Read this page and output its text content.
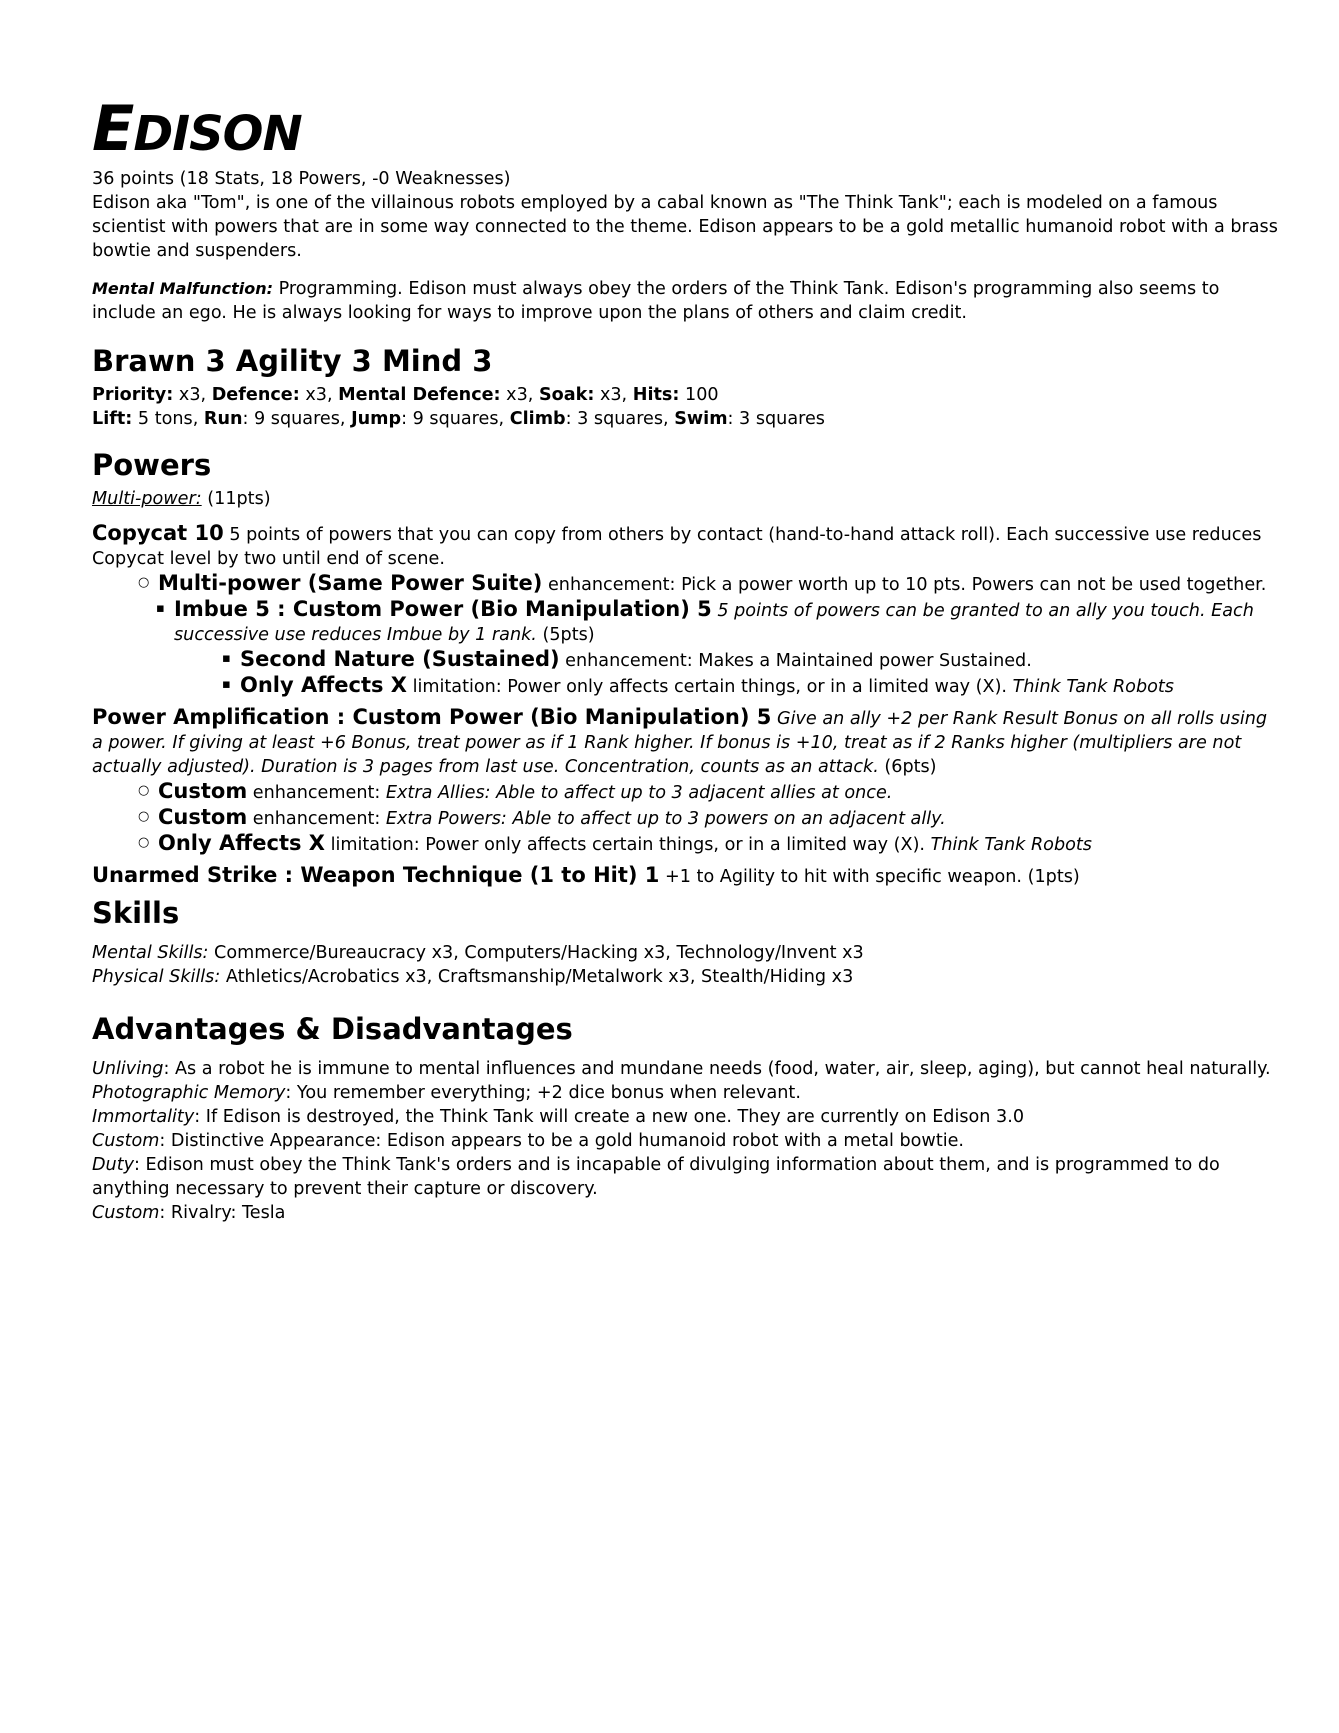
EDISON

36 points (18 Stats, 18 Powers, -0 Weaknesses)

Edison aka "Tom", is one of the villainous robots employed by a cabal known as "The Think Tank"; each is modeled on a famous scientist with powers that are in some way connected to the theme. Edison appears to be a gold metallic humanoid robot with a brass bowtie and suspenders.

Mental Malfunction: Programming. Edison must always obey the orders of the Think Tank. Edison's programming also seems to include an ego. He is always looking for ways to improve upon the plans of others and claim credit.

Brawn 3 Agility 3 Mind 3

Priority: x3, Defence: x3, Mental Defence: x3, Soak: x3, Hits: 100

Lift: 5 tons, Run: 9 squares, Jump: 9 squares, Climb: 3 squares, Swim: 3 squares

Powers

Multi-power: (11pts)

Copycat 10 5 points of powers that you can copy from others by contact (hand-to-hand attack roll). Each successive use reduces Copycat level by two until end of scene.

○ Multi-power (Same Power Suite) enhancement: Pick a power worth up to 10 pts. Powers can not be used together.
▪ Imbue 5 : Custom Power (Bio Manipulation) 5 5 points of powers can be granted to an ally you touch. Each successive use reduces Imbue by 1 rank. (5pts)
▪ Second Nature (Sustained) enhancement: Makes a Maintained power Sustained.
▪ Only Affects X limitation: Power only affects certain things, or in a limited way (X). Think Tank Robots

Power Amplification : Custom Power (Bio Manipulation) 5 Give an ally +2 per Rank Result Bonus on all rolls using a power. If giving at least +6 Bonus, treat power as if 1 Rank higher. If bonus is +10, treat as if 2 Ranks higher (multipliers are not actually adjusted). Duration is 3 pages from last use. Concentration, counts as an attack. (6pts)

○ Custom enhancement: Extra Allies: Able to affect up to 3 adjacent allies at once.
○ Custom enhancement: Extra Powers: Able to affect up to 3 powers on an adjacent ally.
○ Only Affects X limitation: Power only affects certain things, or in a limited way (X). Think Tank Robots

Unarmed Strike : Weapon Technique (1 to Hit) 1 +1 to Agility to hit with specific weapon. (1pts)

Skills

Mental Skills: Commerce/Bureaucracy x3, Computers/Hacking x3, Technology/Invent x3

Physical Skills: Athletics/Acrobatics x3, Craftsmanship/Metalwork x3, Stealth/Hiding x3

Advantages & Disadvantages

Unliving: As a robot he is immune to mental influences and mundane needs (food, water, air, sleep, aging), but cannot heal naturally.

Photographic Memory: You remember everything; +2 dice bonus when relevant.

Immortality: If Edison is destroyed, the Think Tank will create a new one. They are currently on Edison 3.0

Custom: Distinctive Appearance: Edison appears to be a gold humanoid robot with a metal bowtie.

Duty: Edison must obey the Think Tank's orders and is incapable of divulging information about them, and is programmed to do anything necessary to prevent their capture or discovery.

Custom: Rivalry: Tesla
